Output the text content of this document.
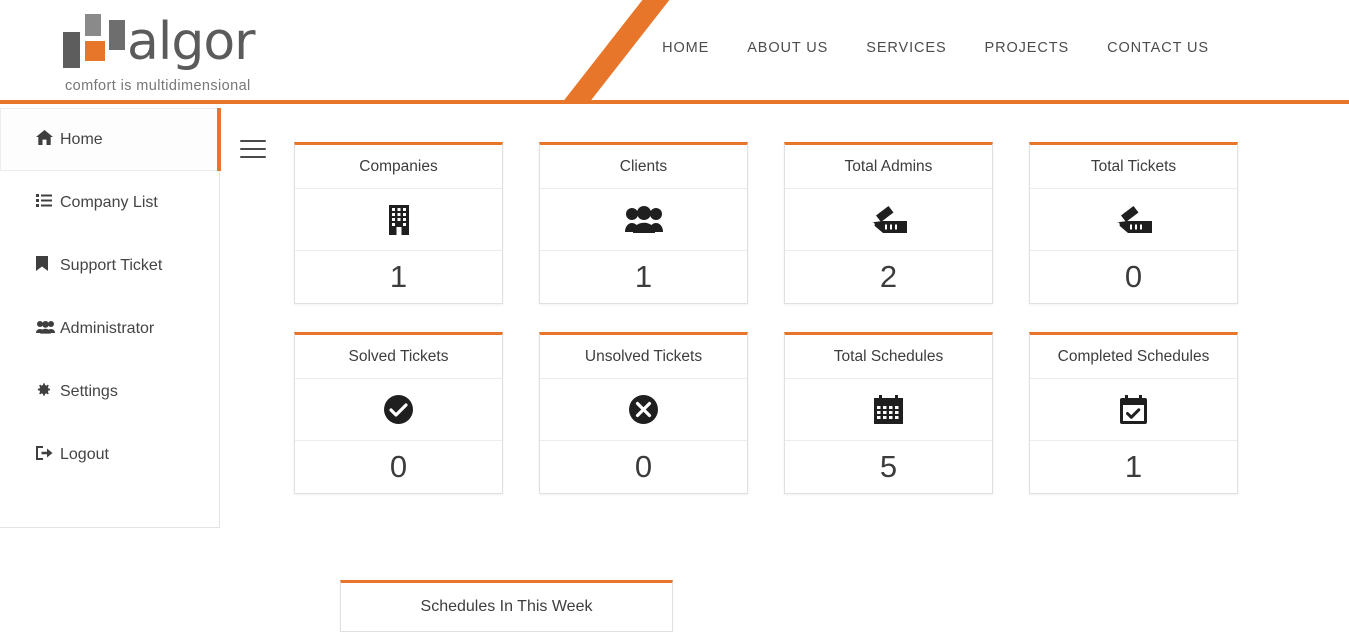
algor
comfort is multidimensional
HOME	ABOUT US	SERVICES	PROJECTS	CONTACT US
Home
Company List
Support Ticket
Administrator
Settings
Logout
Companies
1
Clients
1
Total Admins
2
Total Tickets
0
Solved Tickets
0
Unsolved Tickets
0
Total Schedules
5
Completed Schedules
1
Schedules In This Week
